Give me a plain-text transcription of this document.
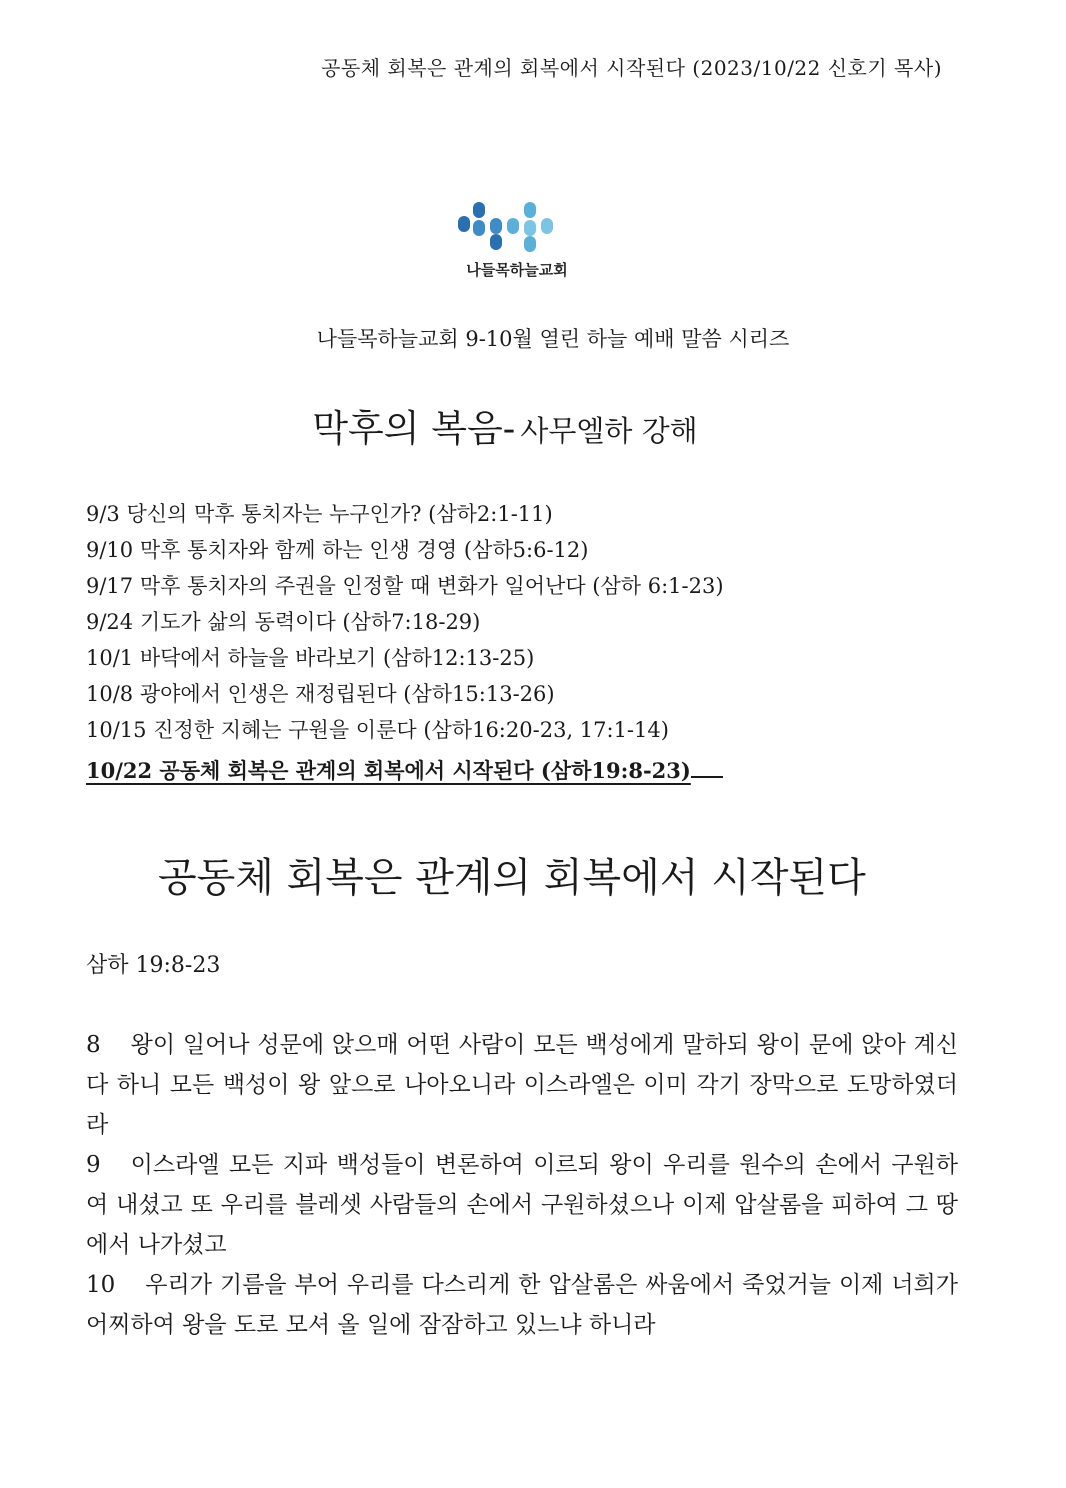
공동체 회복은 관계의 회복에서 시작된다 (2023/10/22 신호기 목사)
나들목하늘교회
나들목하늘교회 9-10월 열린 하늘 예배 말씀 시리즈
막후의 복음- 사무엘하 강해
9/3 당신의 막후 통치자는 누구인가? (삼하2:1-11)
9/10 막후 통치자와 함께 하는 인생 경영 (삼하5:6-12)
9/17 막후 통치자의 주권을 인정할 때 변화가 일어난다 (삼하 6:1-23)
9/24 기도가 삶의 동력이다 (삼하7:18-29)
10/1 바닥에서 하늘을 바라보기 (삼하12:13-25)
10/8 광야에서 인생은 재정립된다 (삼하15:13-26)
10/15 진정한 지혜는 구원을 이룬다 (삼하16:20-23, 17:1-14)
10/22 공동체 회복은 관계의 회복에서 시작된다 (삼하19:8-23)
공동체 회복은 관계의 회복에서 시작된다
삼하 19:8-23
8 왕이 일어나 성문에 앉으매 어떤 사람이 모든 백성에게 말하되 왕이 문에 앉아 계신다 하니 모든 백성이 왕 앞으로 나아오니라 이스라엘은 이미 각기 장막으로 도망하였더라
9 이스라엘 모든 지파 백성들이 변론하여 이르되 왕이 우리를 원수의 손에서 구원하여 내셨고 또 우리를 블레셋 사람들의 손에서 구원하셨으나 이제 압살롬을 피하여 그 땅에서 나가셨고
10 우리가 기름을 부어 우리를 다스리게 한 압살롬은 싸움에서 죽었거늘 이제 너희가 어찌하여 왕을 도로 모셔 올 일에 잠잠하고 있느냐 하니라
